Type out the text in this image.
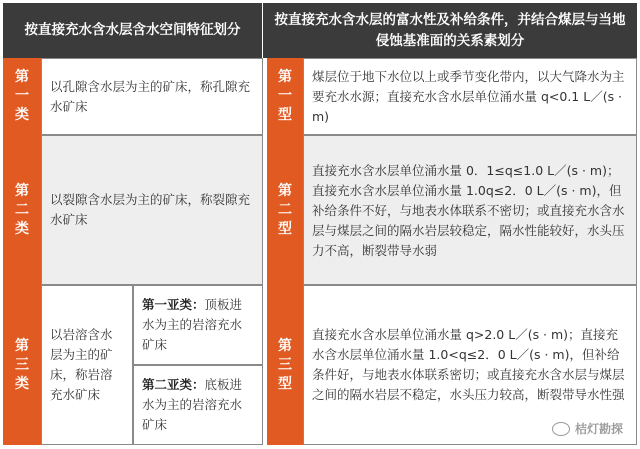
按直接充水含水层含水空间特征划分
按直接充水含水层的富水性及补给条件，并结合煤层与当地侵蚀基准面的关系素划分
第
一
类
以孔隙含水层为主的矿床，称孔隙充水矿床
第
一
型
煤层位于地下水位以上或季节变化带内，以大气降水为主要充水水源；直接充水含水层单位涌水量 q<0.1 L／(s · m)
第
二
类
以裂隙含水层为主的矿床，称裂隙充水矿床
第
二
型
直接充水含水层单位涌水量 0．1≤q≤1.0 L／(s · m)；直接充水含水层单位涌水量 1.0q≤2．0 L／(s · m)，但补给条件不好，与地表水体联系不密切；或直接充水含水层与煤层之间的隔水岩层较稳定，隔水性能较好，水头压力不高，断裂带导水弱
第
三
类
以岩溶含水层为主的矿床，称岩溶充水矿床
第一亚类：顶板进水为主的岩溶充水矿床
第二亚类：底板进水为主的岩溶充水矿床
第
三
型
直接充水含水层单位涌水量 q>2.0 L／(s · m)；直接充水含水层单位涌水量 1.0<q≤2．0 L／(s · m)，但补给条件好，与地表水体联系密切；或直接充水含水层与煤层之间的隔水岩层不稳定，水头压力较高，断裂带导水性强
桔灯勘探
